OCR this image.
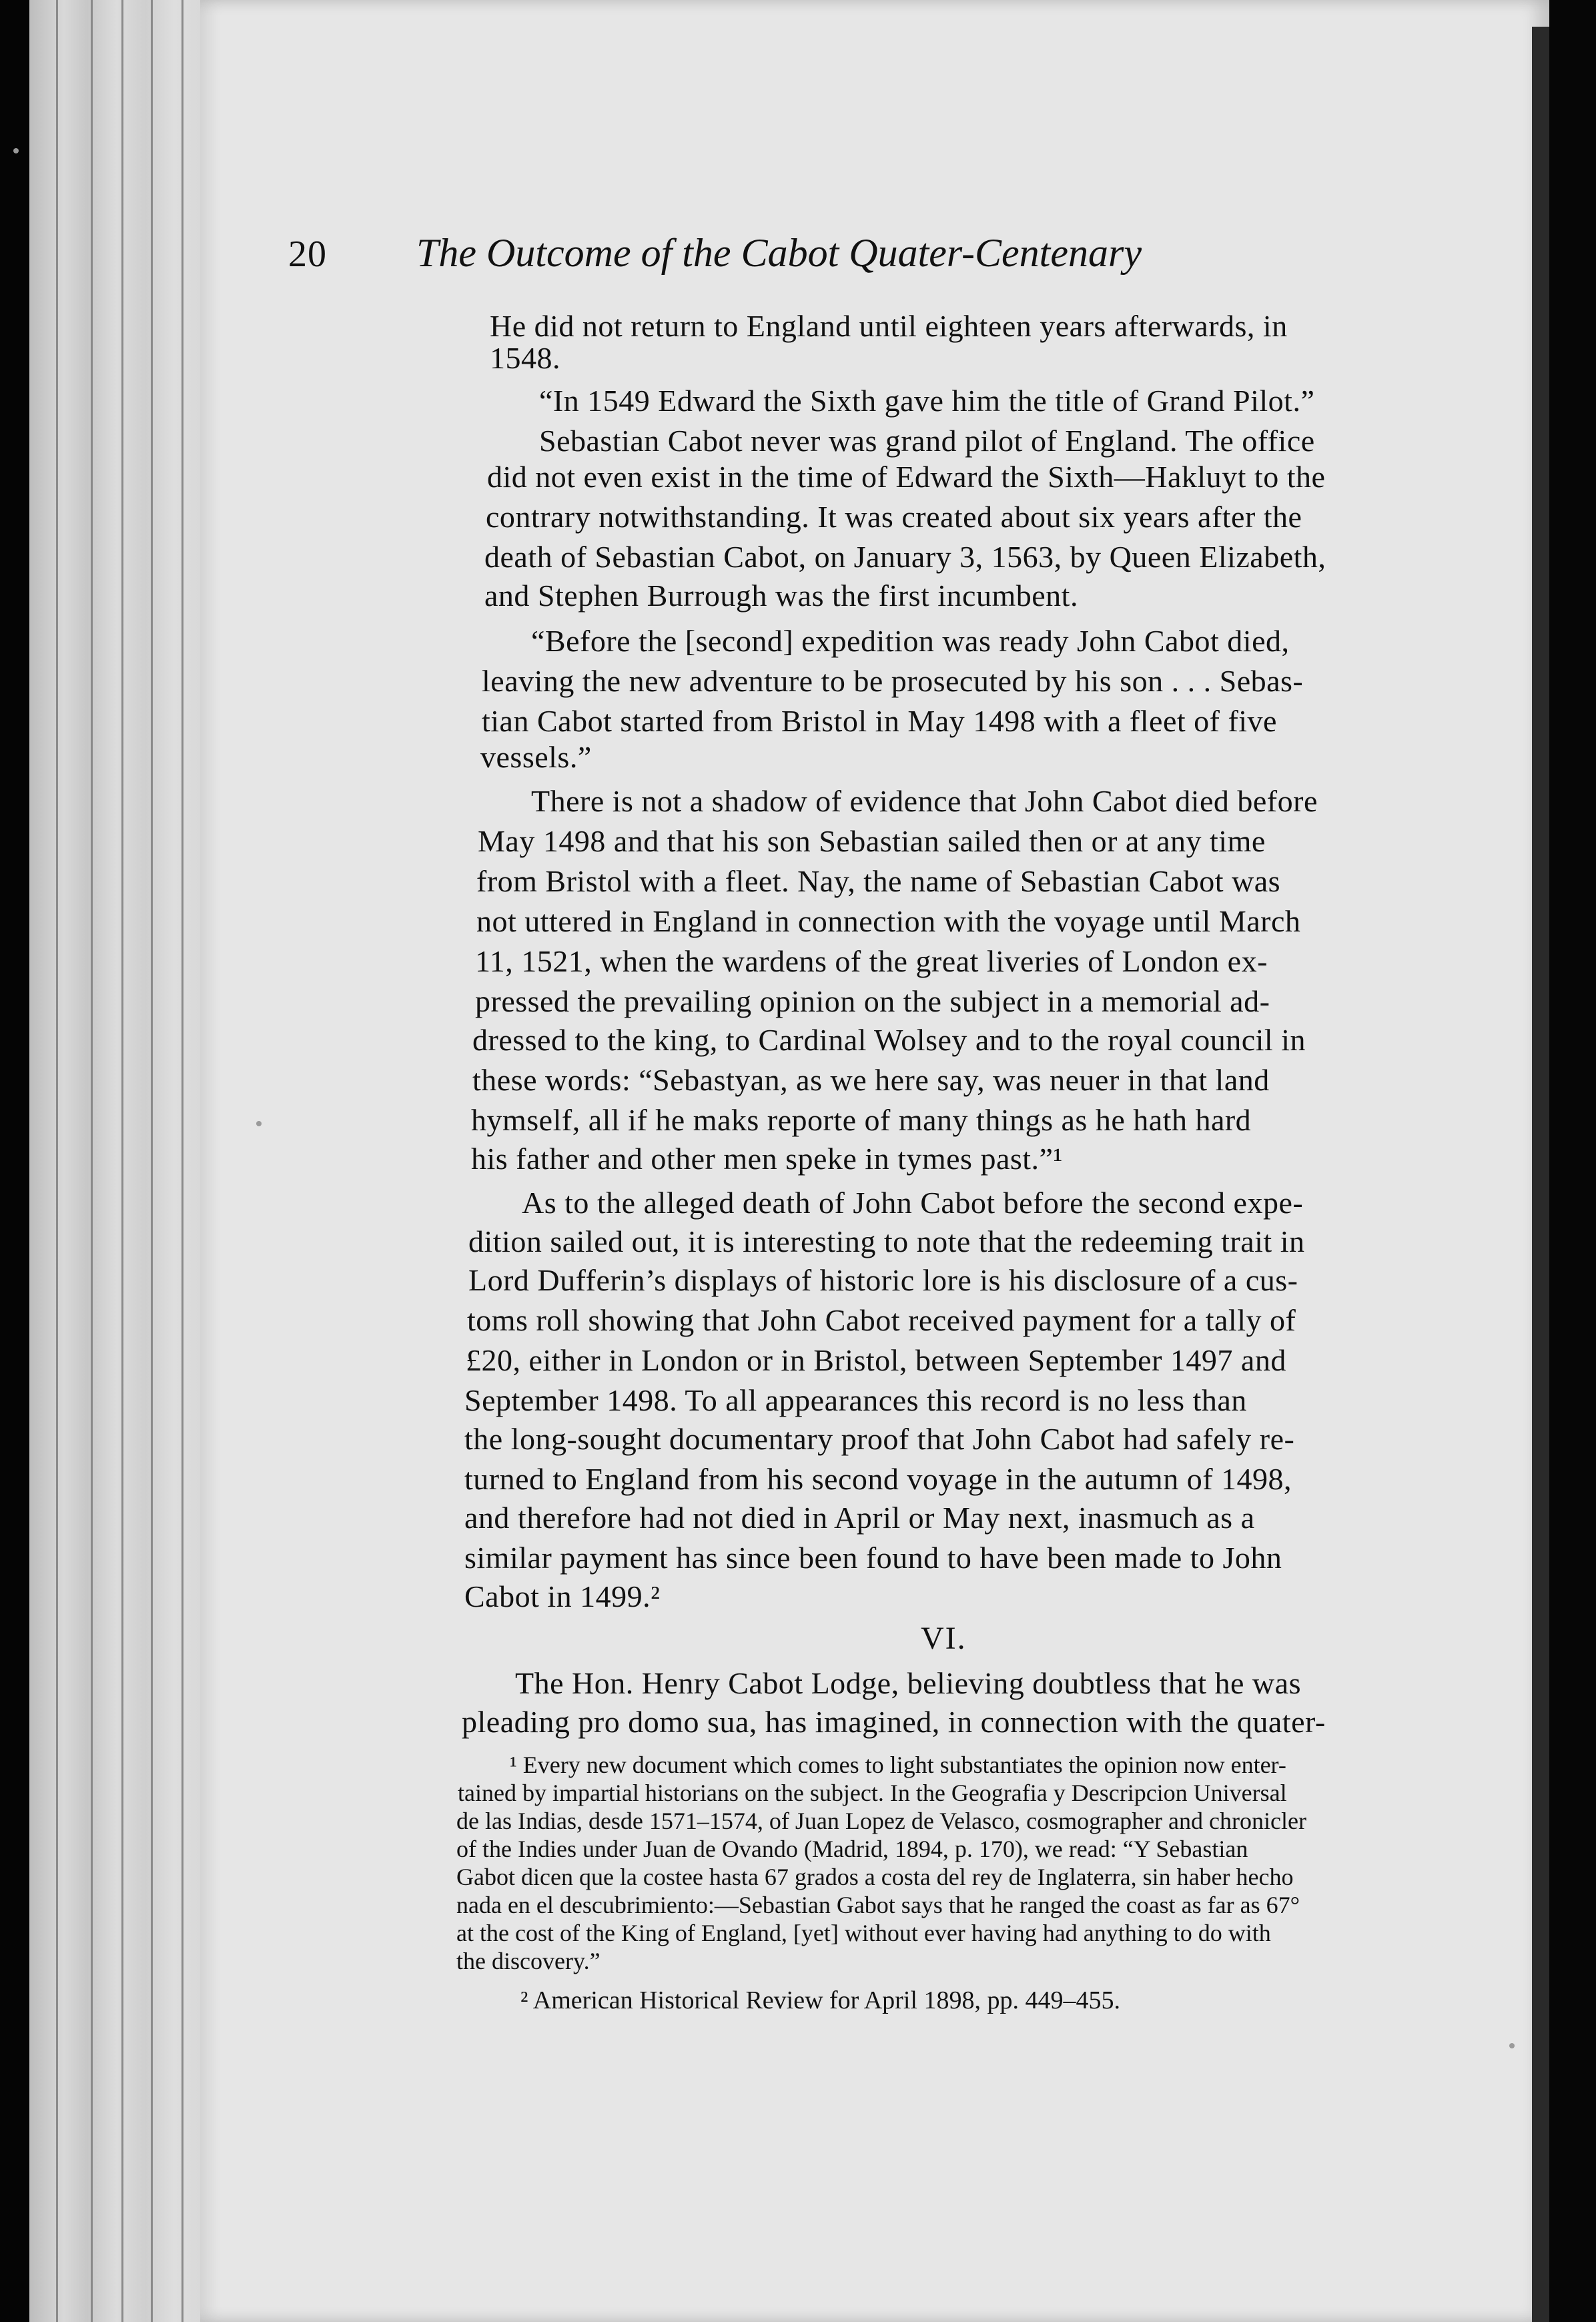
20 The Outcome of the Cabot Quater-Centenary
He did not return to England until eighteen years afterwards, in
1548.
“In 1549 Edward the Sixth gave him the title of Grand Pilot.”
Sebastian Cabot never was grand pilot of England. The office
did not even exist in the time of Edward the Sixth—Hakluyt to the
contrary notwithstanding. It was created about six years after the
death of Sebastian Cabot, on January 3, 1563, by Queen Elizabeth,
and Stephen Burrough was the first incumbent.
“Before the [second] expedition was ready John Cabot died,
leaving the new adventure to be prosecuted by his son . . . Sebas-
tian Cabot started from Bristol in May 1498 with a fleet of five
vessels.”
There is not a shadow of evidence that John Cabot died before
May 1498 and that his son Sebastian sailed then or at any time
from Bristol with a fleet. Nay, the name of Sebastian Cabot was
not uttered in England in connection with the voyage until March
11, 1521, when the wardens of the great liveries of London ex-
pressed the prevailing opinion on the subject in a memorial ad-
dressed to the king, to Cardinal Wolsey and to the royal council in
these words: “Sebastyan, as we here say, was neuer in that land
hymself, all if he maks reporte of many things as he hath hard
his father and other men speke in tymes past.”¹
As to the alleged death of John Cabot before the second expe-
dition sailed out, it is interesting to note that the redeeming trait in
Lord Dufferin’s displays of historic lore is his disclosure of a cus-
toms roll showing that John Cabot received payment for a tally of
£20, either in London or in Bristol, between September 1497 and
September 1498. To all appearances this record is no less than
the long-sought documentary proof that John Cabot had safely re-
turned to England from his second voyage in the autumn of 1498,
and therefore had not died in April or May next, inasmuch as a
similar payment has since been found to have been made to John
Cabot in 1499.²
VI.
The Hon. Henry Cabot Lodge, believing doubtless that he was
pleading pro domo sua, has imagined, in connection with the quater-
¹ Every new document which comes to light substantiates the opinion now enter-
tained by impartial historians on the subject. In the Geografia y Descripcion Universal
de las Indias, desde 1571–1574, of Juan Lopez de Velasco, cosmographer and chronicler
of the Indies under Juan de Ovando (Madrid, 1894, p. 170), we read: “Y Sebastian
Gabot dicen que la costee hasta 67 grados a costa del rey de Inglaterra, sin haber hecho
nada en el descubrimiento:—Sebastian Gabot says that he ranged the coast as far as 67°
at the cost of the King of England, [yet] without ever having had anything to do with
the discovery.”
² American Historical Review for April 1898, pp. 449–455.
